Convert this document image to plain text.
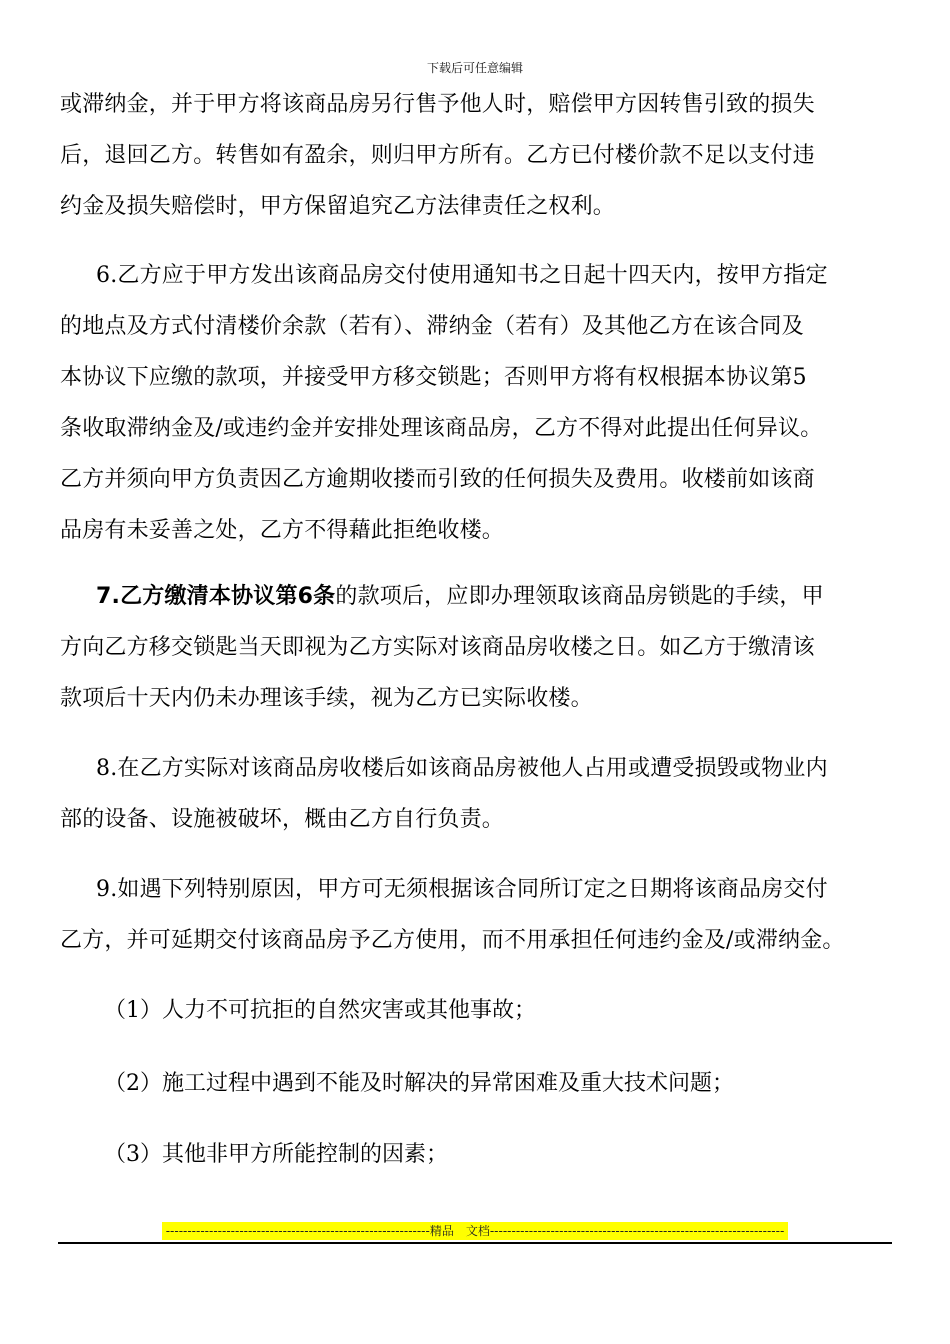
下载后可任意编辑
或滞纳金，并于甲方将该商品房另行售予他人时，赔偿甲方因转售引致的损失
后，退回乙方。转售如有盈余，则归甲方所有。乙方已付楼价款不足以支付违
约金及损失赔偿时，甲方保留追究乙方法律责任之权利。
6.乙方应于甲方发出该商品房交付使用通知书之日起十四天内，按甲方指定
的地点及方式付清楼价余款（若有）、滞纳金（若有）及其他乙方在该合同及
本协议下应缴的款项，并接受甲方移交锁匙；否则甲方将有权根据本协议第5
条收取滞纳金及/或违约金并安排处理该商品房，乙方不得对此提出任何异议。
乙方并须向甲方负责因乙方逾期收搂而引致的任何损失及费用。收楼前如该商
品房有未妥善之处，乙方不得藉此拒绝收楼。
7.乙方缴清本协议第6条的款项后，应即办理领取该商品房锁匙的手续，甲
方向乙方移交锁匙当天即视为乙方实际对该商品房收楼之日。如乙方于缴清该
款项后十天内仍未办理该手续，视为乙方已实际收楼。
8.在乙方实际对该商品房收楼后如该商品房被他人占用或遭受损毁或物业内
部的设备、设施被破坏，概由乙方自行负责。
9.如遇下列特别原因，甲方可无须根据该合同所订定之日期将该商品房交付
乙方，并可延期交付该商品房予乙方使用，而不用承担任何违约金及/或滞纳金。

（1）人力不可抗拒的自然灾害或其他事故；

（2）施工过程中遇到不能及时解决的异常困难及重大技术问题；

（3）其他非甲方所能控制的因素；

-------------------------------------------------------------精品　文档--------------------------------------------------------------------
